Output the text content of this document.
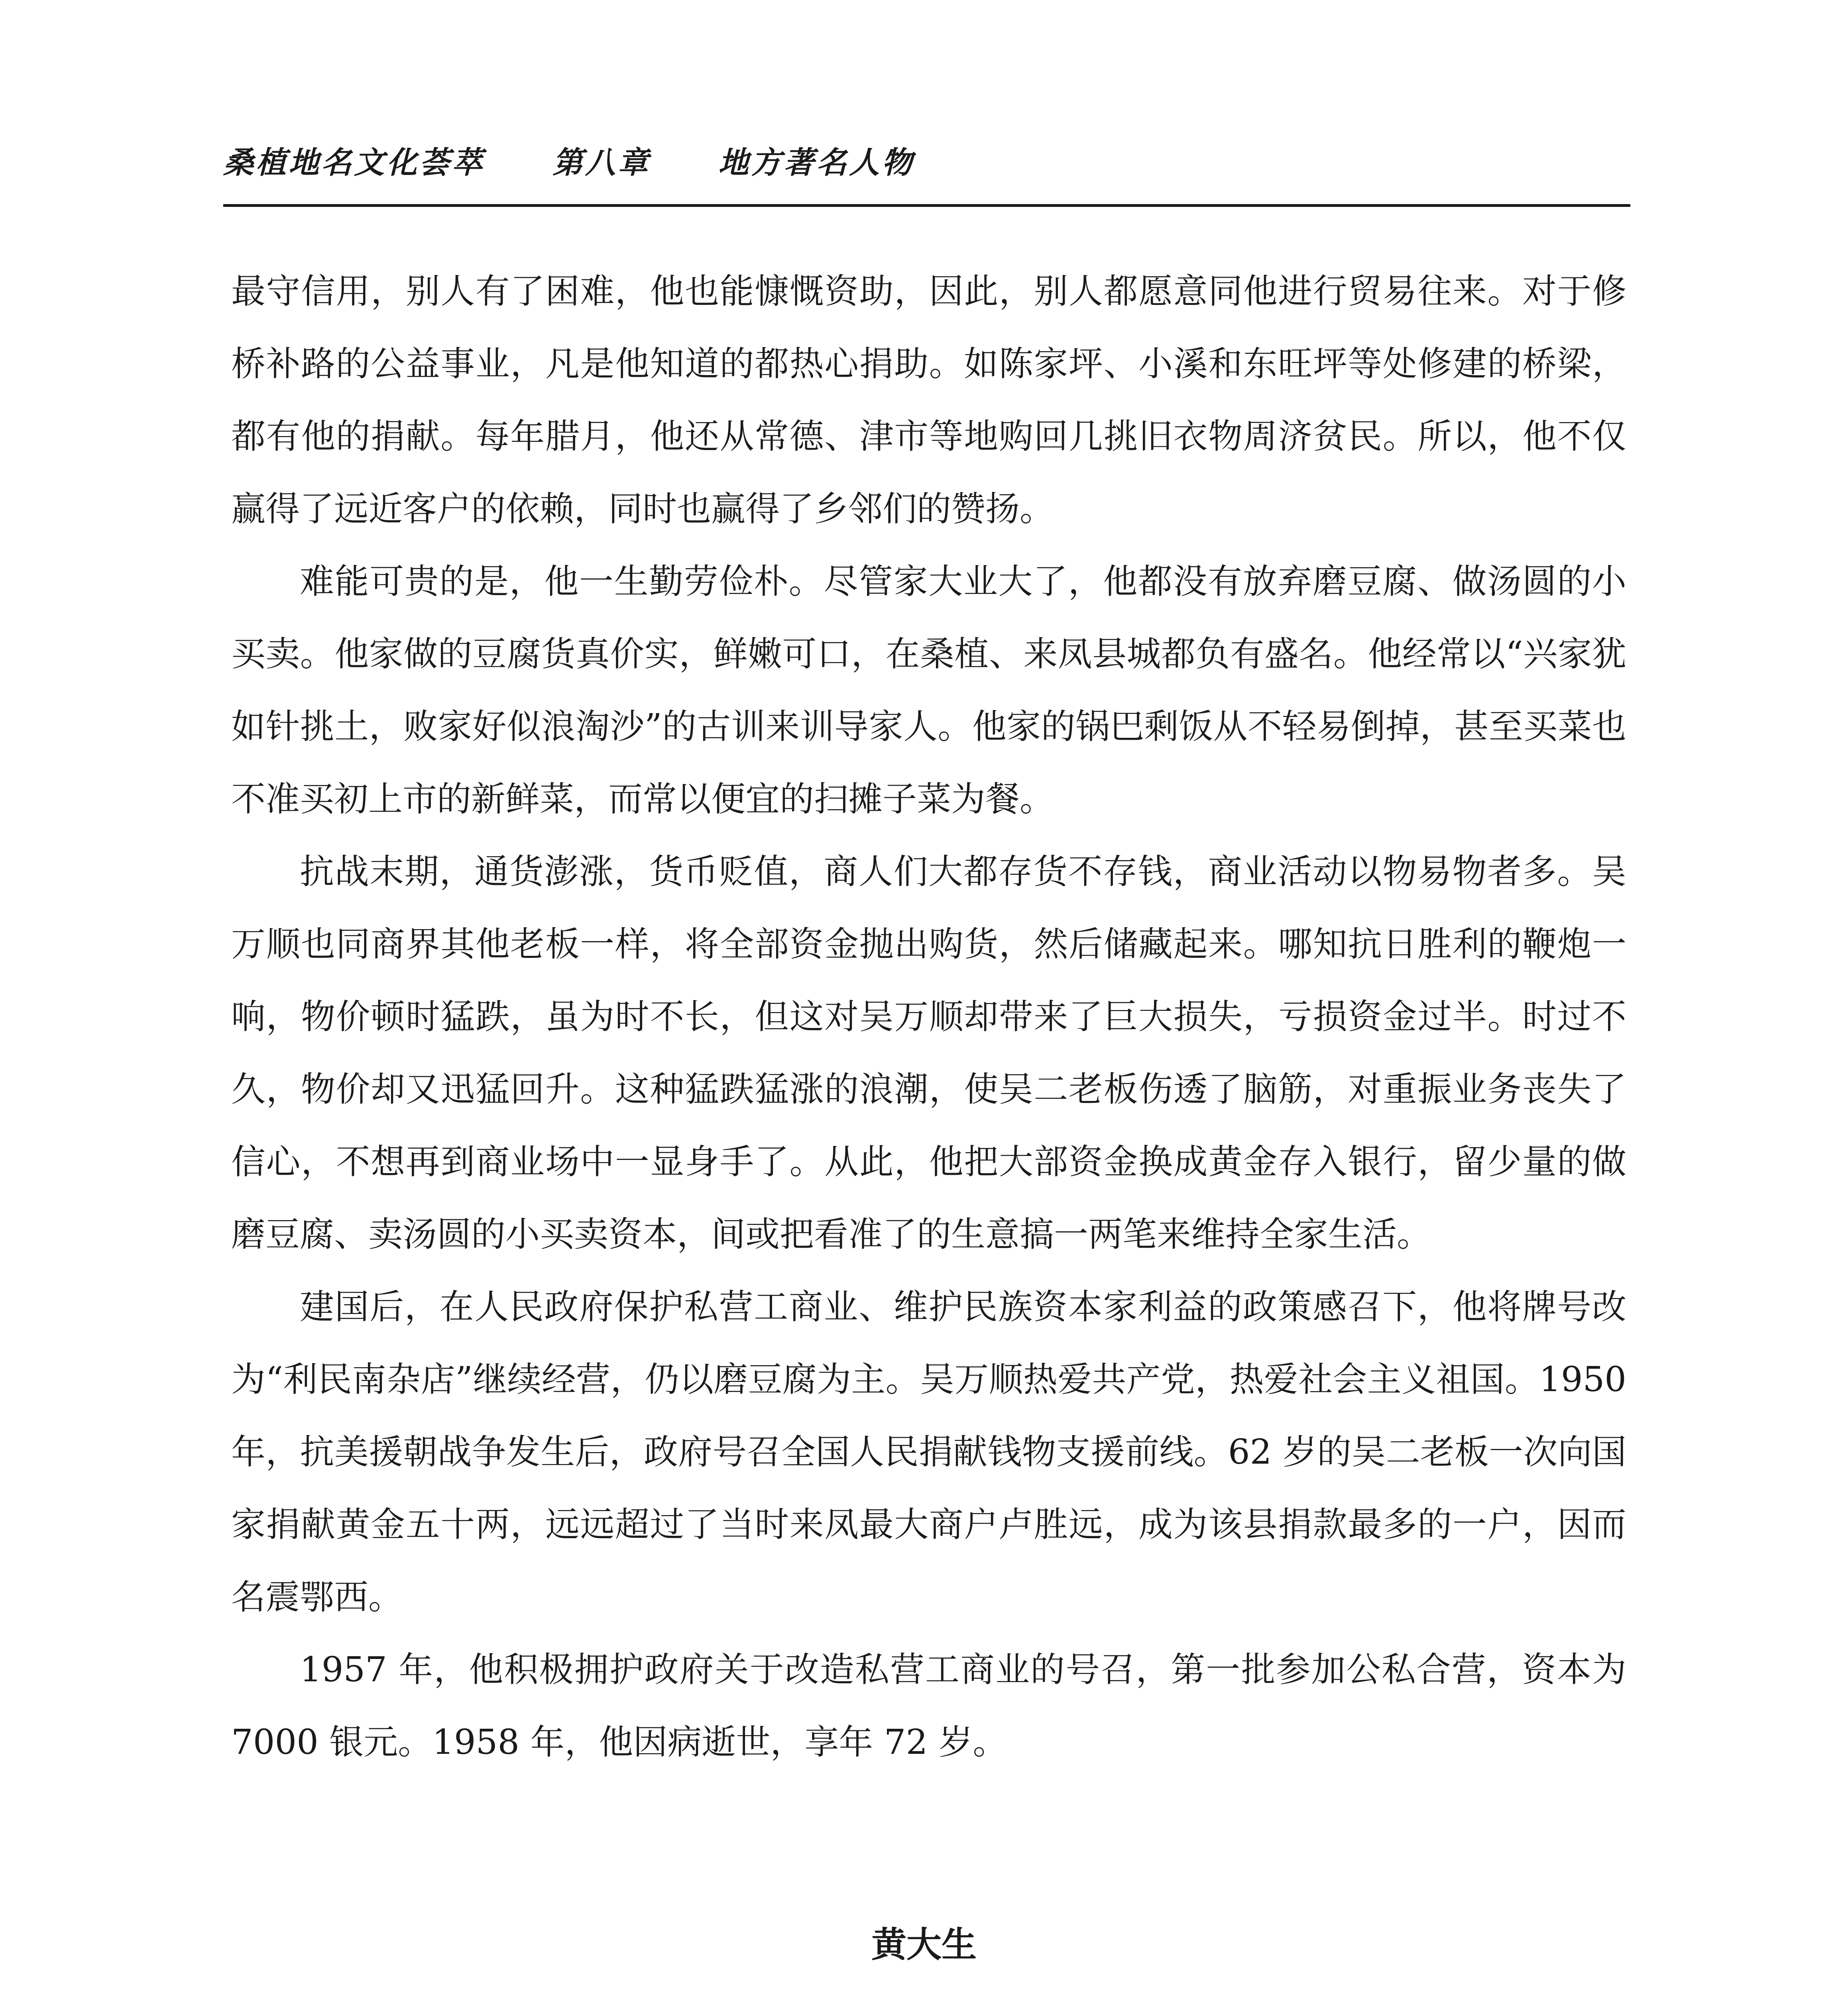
桑植地名文化荟萃 第八章 地方著名人物

最守信用，别人有了困难，他也能慷慨资助，因此，别人都愿意同他进行贸易往来。对于修桥补路的公益事业，凡是他知道的都热心捐助。如陈家坪、小溪和东旺坪等处修建的桥梁，都有他的捐献。每年腊月，他还从常德、津市等地购回几挑旧衣物周济贫民。所以，他不仅赢得了远近客户的依赖，同时也赢得了乡邻们的赞扬。

难能可贵的是，他一生勤劳俭朴。尽管家大业大了，他都没有放弃磨豆腐、做汤圆的小买卖。他家做的豆腐货真价实，鲜嫩可口，在桑植、来凤县城都负有盛名。他经常以“兴家犹如针挑土，败家好似浪淘沙”的古训来训导家人。他家的锅巴剩饭从不轻易倒掉，甚至买菜也不准买初上市的新鲜菜，而常以便宜的扫摊子菜为餐。

抗战末期，通货澎涨，货币贬值，商人们大都存货不存钱，商业活动以物易物者多。吴万顺也同商界其他老板一样，将全部资金抛出购货，然后储藏起来。哪知抗日胜利的鞭炮一响，物价顿时猛跌，虽为时不长，但这对吴万顺却带来了巨大损失，亏损资金过半。时过不久，物价却又迅猛回升。这种猛跌猛涨的浪潮，使吴二老板伤透了脑筋，对重振业务丧失了信心，不想再到商业场中一显身手了。从此，他把大部资金换成黄金存入银行，留少量的做磨豆腐、卖汤圆的小买卖资本，间或把看准了的生意搞一两笔来维持全家生活。

建国后，在人民政府保护私营工商业、维护民族资本家利益的政策感召下，他将牌号改为“利民南杂店”继续经营，仍以磨豆腐为主。吴万顺热爱共产党，热爱社会主义祖国。1950 年，抗美援朝战争发生后，政府号召全国人民捐献钱物支援前线。62 岁的吴二老板一次向国家捐献黄金五十两，远远超过了当时来凤最大商户卢胜远，成为该县捐款最多的一户，因而名震鄂西。

1957 年，他积极拥护政府关于改造私营工商业的号召，第一批参加公私合营，资本为 7000 银元。1958 年，他因病逝世，享年 72 岁。

黄大生
